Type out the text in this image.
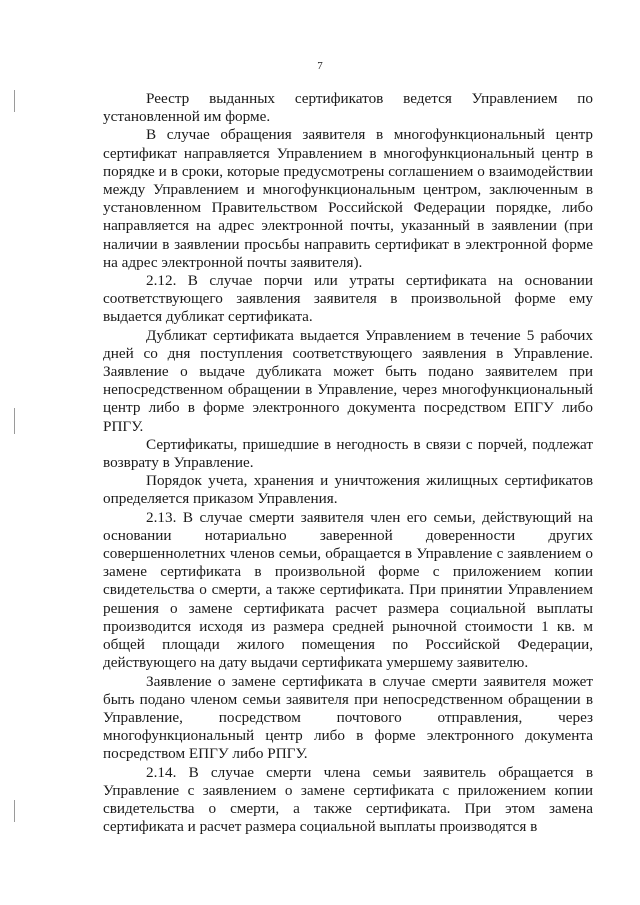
7

Реестр выданных сертификатов ведется Управлением по установленной им форме.

В случае обращения заявителя в многофункциональный центр сертификат направляется Управлением в многофункциональный центр в порядке и в сроки, которые предусмотрены соглашением о взаимодействии между Управлением и многофункциональным центром, заключенным в установленном Правительством Российской Федерации порядке, либо направляется на адрес электронной почты, указанный в заявлении (при наличии в заявлении просьбы направить сертификат в электронной форме на адрес электронной почты заявителя).

2.12. В случае порчи или утраты сертификата на основании соответствующего заявления заявителя в произвольной форме ему выдается дубликат сертификата.

Дубликат сертификата выдается Управлением в течение 5 рабочих дней со дня поступления соответствующего заявления в Управление. Заявление о выдаче дубликата может быть подано заявителем при непосредственном обращении в Управление, через многофункциональный центр либо в форме электронного документа посредством ЕПГУ либо РПГУ.

Сертификаты, пришедшие в негодность в связи с порчей, подлежат возврату в Управление.

Порядок учета, хранения и уничтожения жилищных сертификатов определяется приказом Управления.

2.13. В случае смерти заявителя член его семьи, действующий на основании нотариально заверенной доверенности других совершеннолетних членов семьи, обращается в Управление с заявлением о замене сертификата в произвольной форме с приложением копии свидетельства о смерти, а также сертификата. При принятии Управлением решения о замене сертификата расчет размера социальной выплаты производится исходя из размера средней рыночной стоимости 1 кв. м общей площади жилого помещения по Российской Федерации, действующего на дату выдачи сертификата умершему заявителю.

Заявление о замене сертификата в случае смерти заявителя может быть подано членом семьи заявителя при непосредственном обращении в Управление, посредством почтового отправления, через многофункциональный центр либо в форме электронного документа посредством ЕПГУ либо РПГУ.

2.14. В случае смерти члена семьи заявитель обращается в Управление с заявлением о замене сертификата с приложением копии свидетельства о смерти, а также сертификата. При этом замена сертификата и расчет размера социальной выплаты производятся в
